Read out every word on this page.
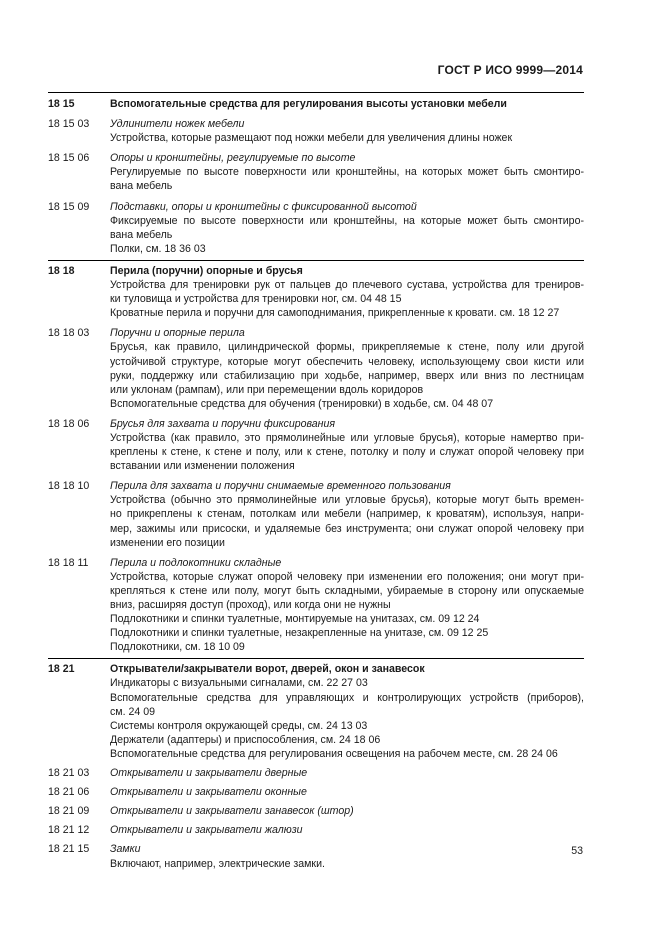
ГОСТ Р ИСО 9999—2014
18 15	Вспомогательные средства для регулирования высоты установки мебели
18 15 03	Удлинители ножек мебели
Устройства, которые размещают под ножки мебели для увеличения длины ножек
18 15 06	Опоры и кронштейны, регулируемые по высоте
Регулируемые по высоте поверхности или кронштейны, на которых может быть смонтиро-
вана мебель
18 15 09	Подставки, опоры и кронштейны с фиксированной высотой
Фиксируемые по высоте поверхности или кронштейны, на которые может быть смонтиро-
вана мебель
Полки, см. 18 36 03
18 18	Перила (поручни) опорные и брусья
Устройства для тренировки рук от пальцев до плечевого сустава, устройства для трениров-
ки туловища и устройства для тренировки ног, см. 04 48 15
Кроватные перила и поручни для самоподнимания, прикрепленные к кровати. см. 18 12 27
18 18 03	Поручни и опорные перила
Брусья, как правило, цилиндрической формы, прикрепляемые к стене, полу или другой
устойчивой структуре, которые могут обеспечить человеку, использующему свои кисти или
руки, поддержку или стабилизацию при ходьбе, например, вверх или вниз по лестницам
или уклонам (рампам), или при перемещении вдоль коридоров
Вспомогательные средства для обучения (тренировки) в ходьбе, см. 04 48 07
18 18 06	Брусья для захвата и поручни фиксирования
Устройства (как правило, это прямолинейные или угловые брусья), которые намертво при-
креплены к стене, к стене и полу, или к стене, потолку и полу и служат опорой человеку при
вставании или изменении положения
18 18 10	Перила для захвата и поручни снимаемые временного пользования
Устройства (обычно это прямолинейные или угловые брусья), которые могут быть времен-
но прикреплены к стенам, потолкам или мебели (например, к кроватям), используя, напри-
мер, зажимы или присоски, и удаляемые без инструмента; они служат опорой человеку при
изменении его позиции
18 18 11	Перила и подлокотники складные
Устройства, которые служат опорой человеку при изменении его положения; они могут при-
крепляться к стене или полу, могут быть складными, убираемые в сторону или опускаемые
вниз, расширяя доступ (проход), или когда они не нужны
Подлокотники и спинки туалетные, монтируемые на унитазах, см. 09 12 24
Подлокотники и спинки туалетные, незакрепленные на унитазе, см. 09 12 25
Подлокотники, см. 18 10 09
18 21	Открыватели/закрыватели ворот, дверей, окон и занавесок
Индикаторы с визуальными сигналами, см. 22 27 03
Вспомогательные средства для управляющих и контролирующих устройств (приборов),
см. 24 09
Системы контроля окружающей среды, см. 24 13 03
Держатели (адаптеры) и приспособления, см. 24 18 06
Вспомогательные средства для регулирования освещения на рабочем месте, см. 28 24 06
18 21 03	Открыватели и закрыватели дверные
18 21 06	Открыватели и закрыватели оконные
18 21 09	Открыватели и закрыватели занавесок (штор)
18 21 12	Открыватели и закрыватели жалюзи
18 21 15	Замки
Включают, например, электрические замки.
53
